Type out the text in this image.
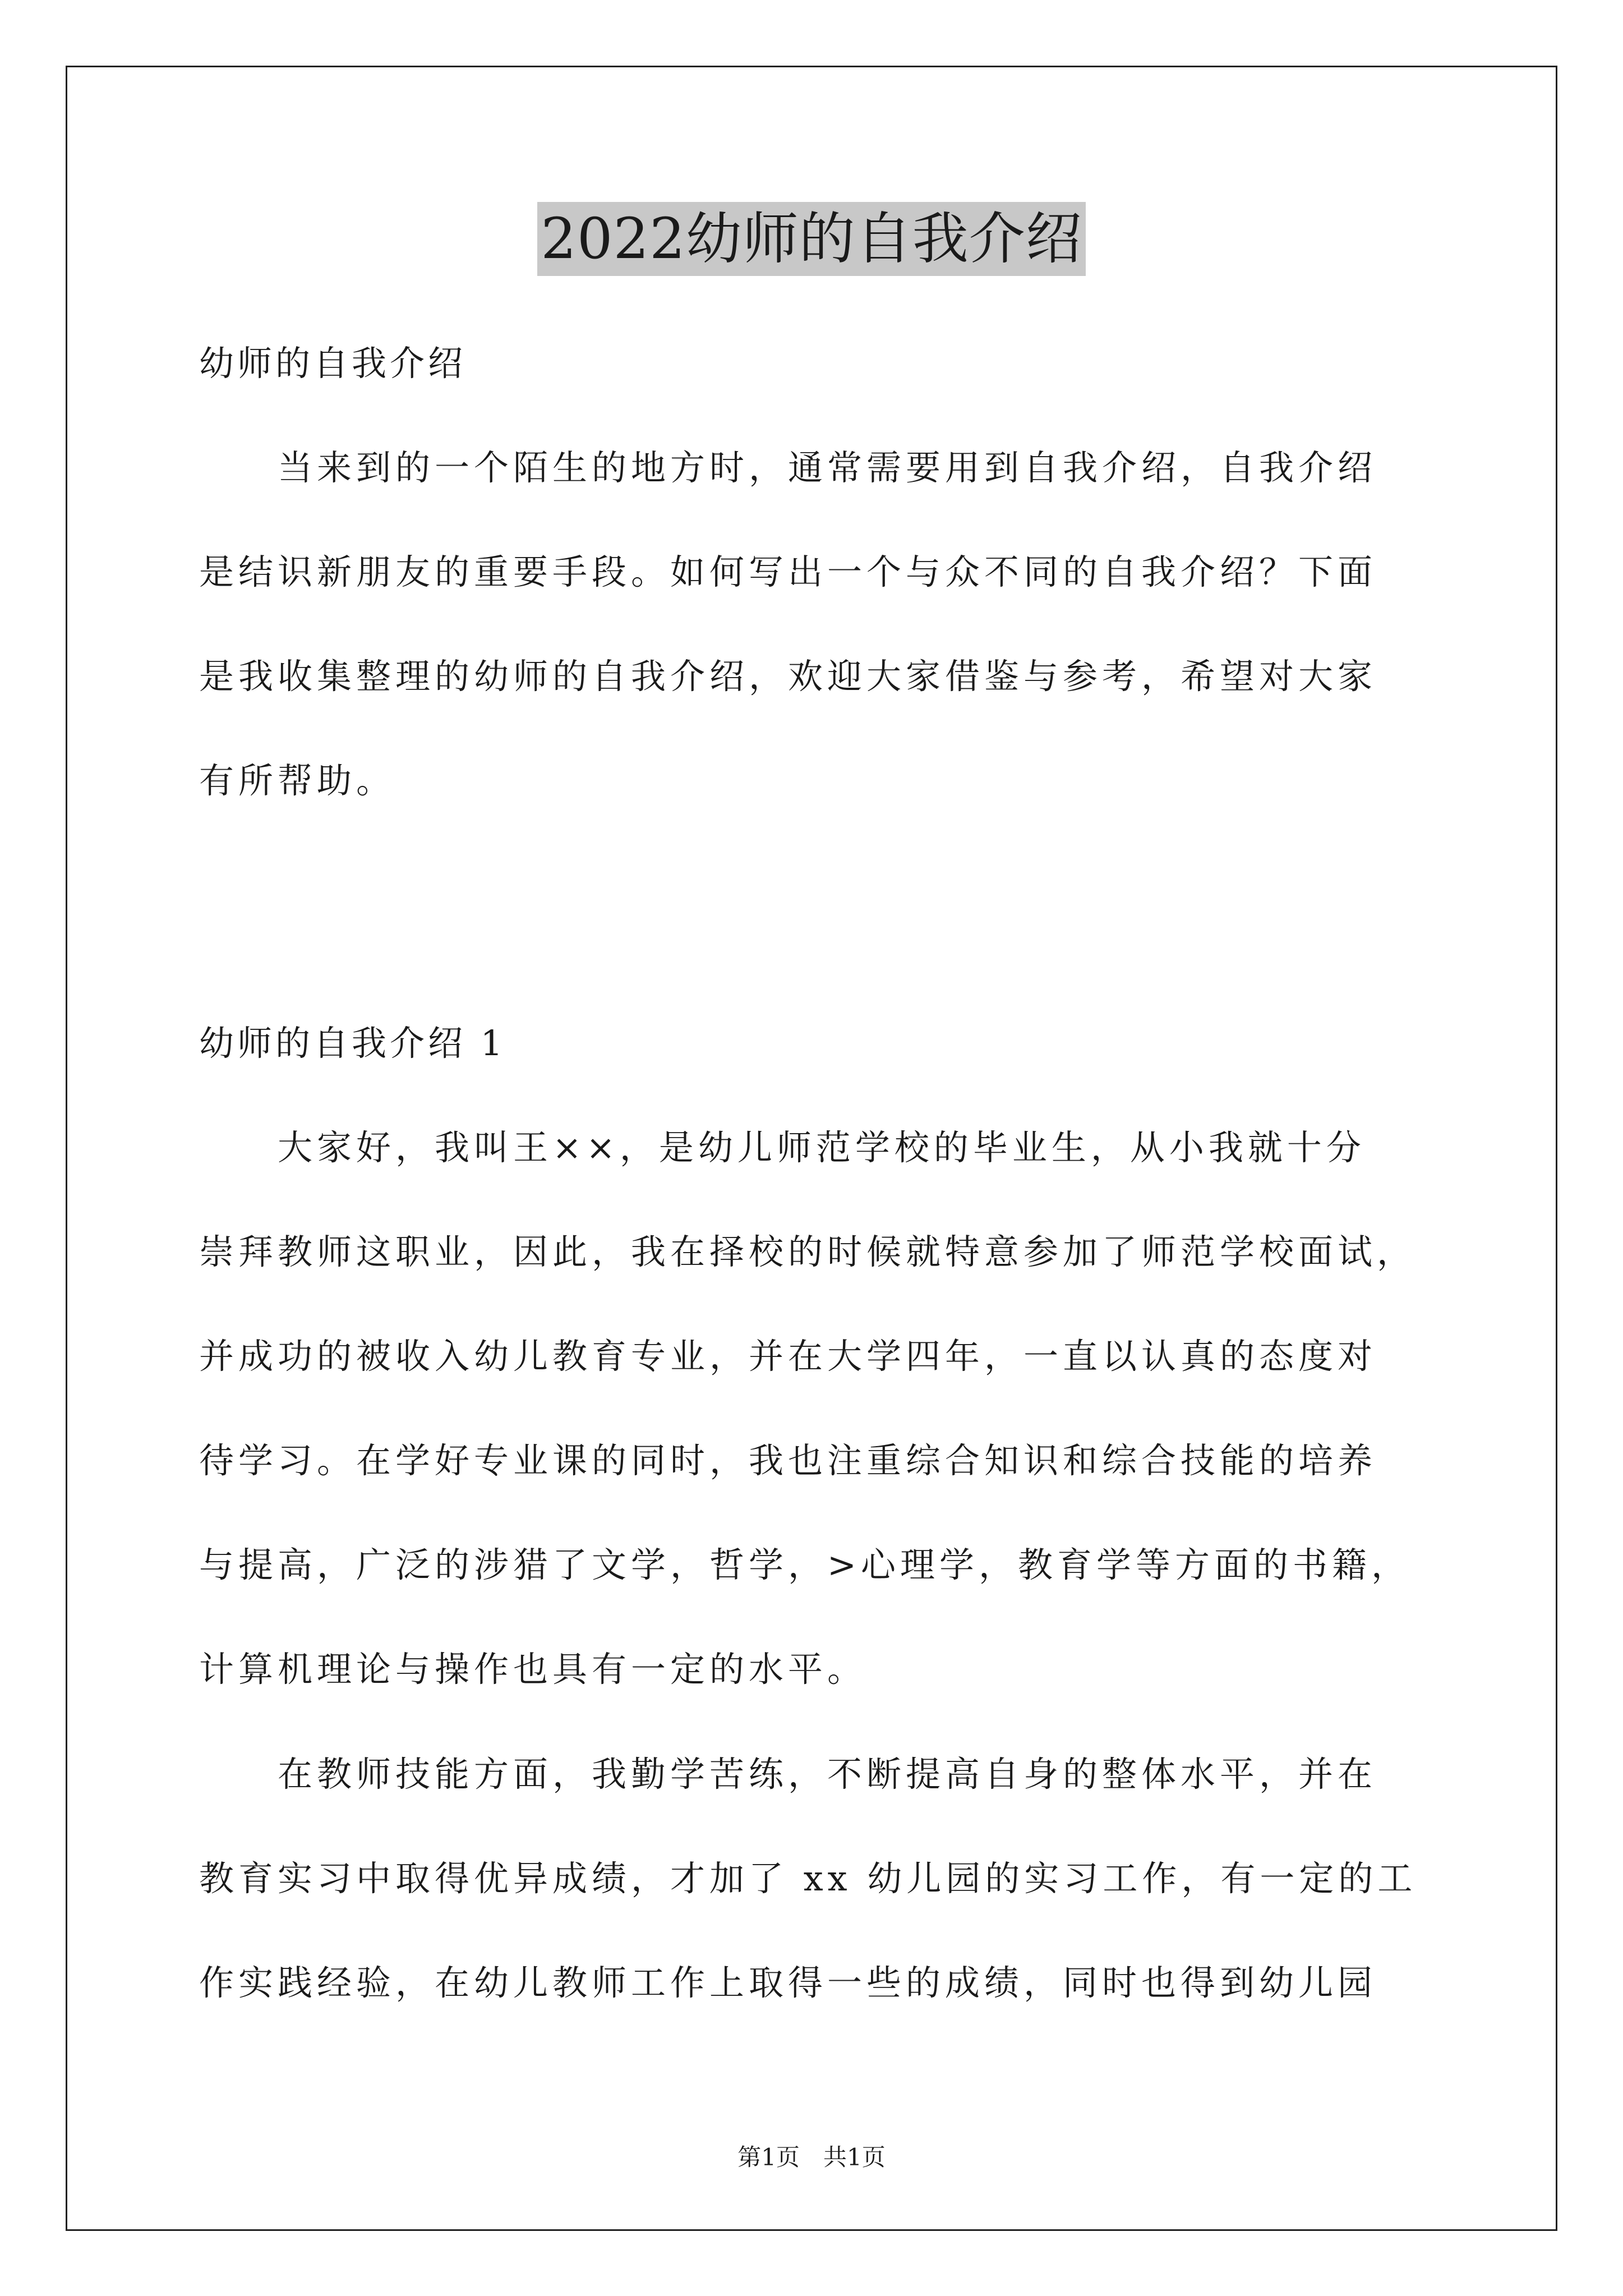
2022幼师的自我介绍
幼师的自我介绍
当来到的一个陌生的地方时，通常需要用到自我介绍，自我介绍
是结识新朋友的重要手段。如何写出一个与众不同的自我介绍？下面
是我收集整理的幼师的自我介绍，欢迎大家借鉴与参考，希望对大家
有所帮助。
幼师的自我介绍 1
大家好，我叫王××，是幼儿师范学校的毕业生，从小我就十分
崇拜教师这职业，因此，我在择校的时候就特意参加了师范学校面试，
并成功的被收入幼儿教育专业，并在大学四年，一直以认真的态度对
待学习。在学好专业课的同时，我也注重综合知识和综合技能的培养
与提高，广泛的涉猎了文学，哲学，>心理学，教育学等方面的书籍，
计算机理论与操作也具有一定的水平。
在教师技能方面，我勤学苦练，不断提高自身的整体水平，并在
教育实习中取得优异成绩，才加了 xx 幼儿园的实习工作，有一定的工
作实践经验，在幼儿教师工作上取得一些的成绩，同时也得到幼儿园
第1页　共1页
